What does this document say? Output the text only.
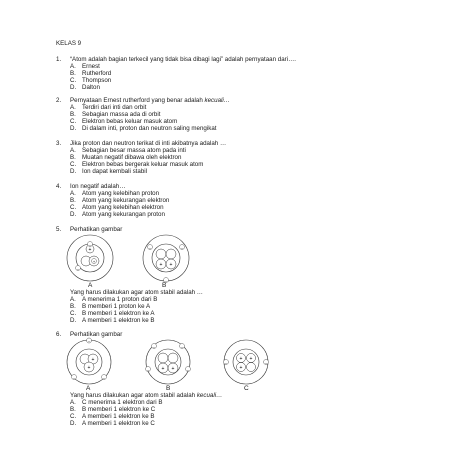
KELAS 9
1. “Atom adalah bagian terkecil yang tidak bisa dibagi lagi” adalah pernyataan dari….
A. Ernest
B. Rutherford
C. Thompson
D. Dalton
2. Pernyataan Ernest rutherford yang benar adalah kecuali…
A. Terdiri dari inti dan orbit
B. Sebagian massa ada di orbit
C. Elektron bebas keluar masuk atom
D. Di dalam inti, proton dan neutron saling mengikat
3. Jika proton dan neutron terikat di inti akibatnya adalah …
A. Sebagian besar massa atom pada inti
B. Muatan negatif dibawa oleh elektron
C. Elektron bebas bergerak keluar masuk atom
D. Ion dapat kembali stabil
4. Ion negatif adalah…
A. Atom yang kelebihan proton
B. Atom yang kekurangan elektron
C. Atom yang kelebihan elektron
D. Atom yang kekurangan proton
5. Perhatikan gambar
+
+
–
–
A
+ +
–	–
–
B
Yang harus dilakukan agar atom stabil adalah …
A. A menerima 1 proton dari B
B. B memberi 1 proton ke A
C. B memberi 1 elektron ke A
D. A memberi 1 elektron ke B
6. Perhatikan gambar
+
+
–
–	–
A
+ +
–	–
–	–
B
+ +
+
–	–
C
Yang harus dilakukan agar atom stabil adalah kecuali…
A. C menerima 1 elektron dari B
B. B memberi 1 elektron ke C
C. A memberi 1 elektron ke B
D. A memberi 1 elektron ke C
